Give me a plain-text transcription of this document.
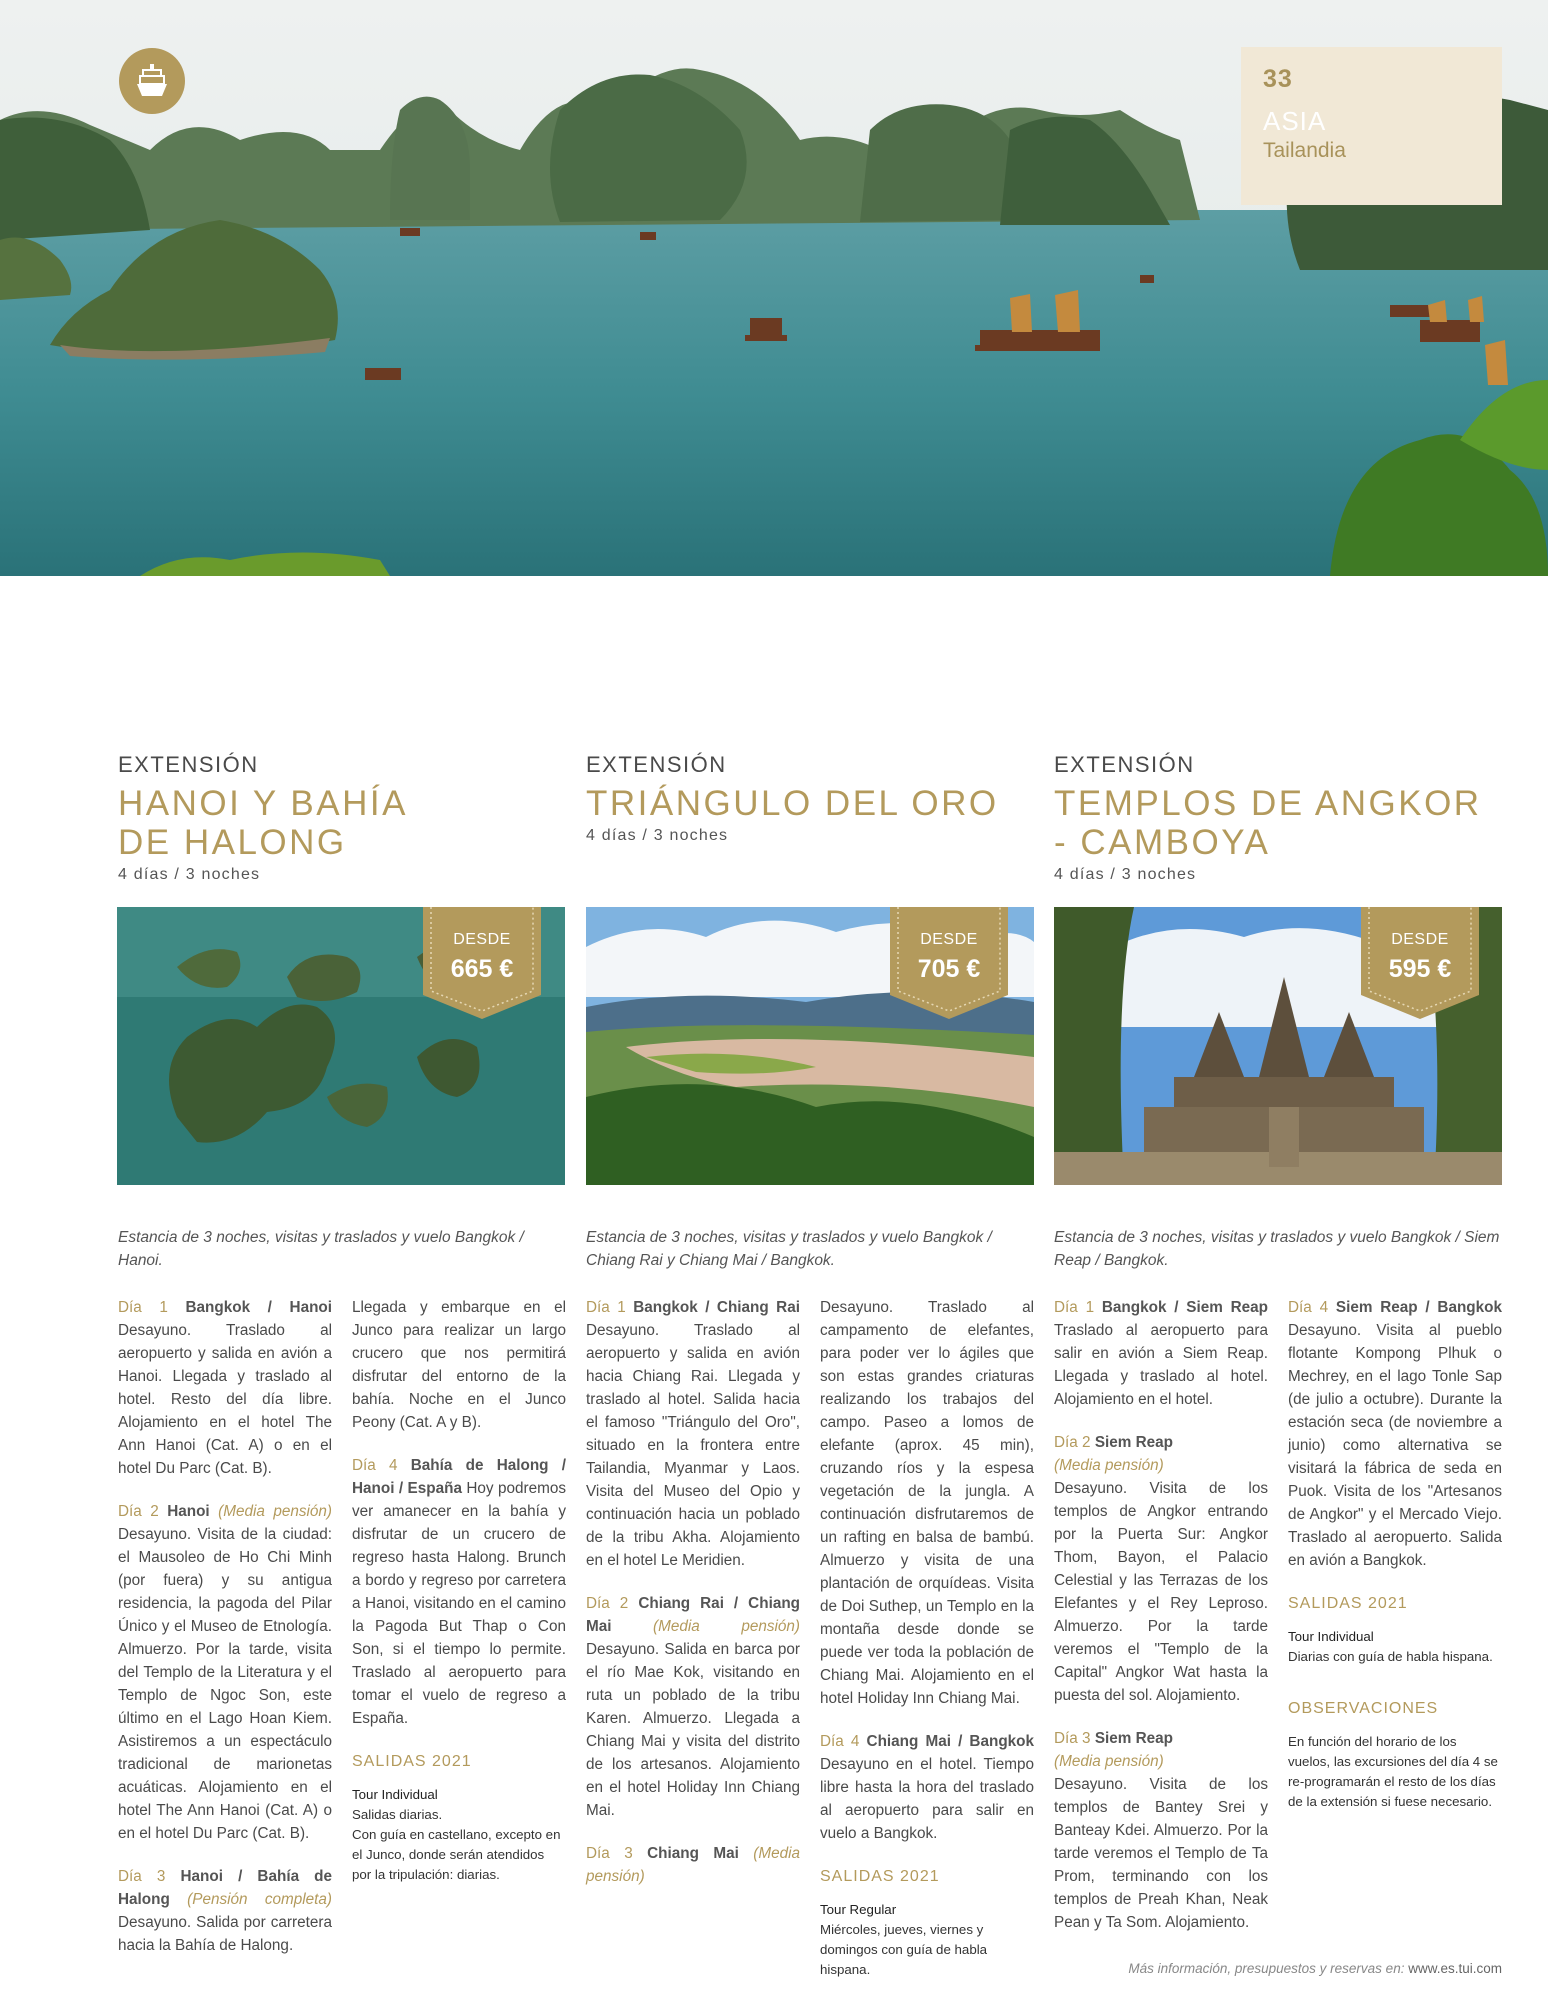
33
ASIA
Tailandia
EXTENSIÓN
HANOI Y BAHÍA
DE HALONG
4 días / 3 noches
DESDE
665 €
Estancia de 3 noches, visitas y traslados y vuelo Bangkok / Hanoi.
Día 1 Bangkok / Hanoi Desayuno. Traslado al aeropuerto y salida en avión a Hanoi. Llegada y traslado al hotel. Resto del día libre. Alojamiento en el hotel The Ann Hanoi (Cat. A) o en el hotel Du Parc (Cat. B).
Día 2 Hanoi (Media pensión) Desayuno. Visita de la ciudad: el Mausoleo de Ho Chi Minh (por fuera) y su antigua residencia, la pagoda del Pilar Único y el Museo de Etnología. Almuerzo. Por la tarde, visita del Templo de la Literatura y el Templo de Ngoc Son, este último en el Lago Hoan Kiem. Asistiremos a un espectáculo tradicional de marionetas acuáticas. Alojamiento en el hotel The Ann Hanoi (Cat. A) o en el hotel Du Parc (Cat. B).
Día 3 Hanoi / Bahía de Halong (Pensión completa) Desayuno. Salida por carretera hacia la Bahía de Halong.
Llegada y embarque en el Junco para realizar un largo crucero que nos permitirá disfrutar del entorno de la bahía. Noche en el Junco Peony (Cat. A y B).
Día 4 Bahía de Halong / Hanoi / España Hoy podremos ver amanecer en la bahía y disfrutar de un crucero de regreso hasta Halong. Brunch a bordo y regreso por carretera a Hanoi, visitando en el camino la Pagoda But Thap o Con Son, si el tiempo lo permite. Traslado al aeropuerto para tomar el vuelo de regreso a España.
SALIDAS 2021
Tour Individual
Salidas diarias.
Con guía en castellano, excepto en el Junco, donde serán atendidos por la tripulación: diarias.
EXTENSIÓN
TRIÁNGULO DEL ORO
4 días / 3 noches
DESDE
705 €
Estancia de 3 noches, visitas y traslados y vuelo Bangkok / Chiang Rai y Chiang Mai / Bangkok.
Día 1 Bangkok / Chiang Rai Desayuno. Traslado al aeropuerto y salida en avión hacia Chiang Rai. Llegada y traslado al hotel. Salida hacia el famoso "Triángulo del Oro", situado en la frontera entre Tailandia, Myanmar y Laos. Visita del Museo del Opio y continuación hacia un poblado de la tribu Akha. Alojamiento en el hotel Le Meridien.
Día 2 Chiang Rai / Chiang Mai	(Media pensión) Desayuno. Salida en barca por el río Mae Kok, visitando en ruta un poblado de la tribu Karen. Almuerzo. Llegada a Chiang Mai y visita del distrito de los artesanos. Alojamiento en el hotel Holiday Inn Chiang Mai.
Día 3 Chiang Mai (Media pensión)
Desayuno. Traslado al campamento de elefantes, para poder ver lo ágiles que son estas grandes criaturas realizando los trabajos del campo. Paseo a lomos de elefante (aprox. 45 min), cruzando ríos y la espesa vegetación de la jungla. A continuación disfrutaremos de un rafting en balsa de bambú. Almuerzo y visita de una plantación de orquídeas. Visita de Doi Suthep, un Templo en la montaña desde donde se puede ver toda la población de Chiang Mai. Alojamiento en el hotel Holiday Inn Chiang Mai.
Día 4 Chiang Mai / Bangkok Desayuno en el hotel. Tiempo libre hasta la hora del traslado al aeropuerto para salir en vuelo a Bangkok.
SALIDAS 2021
Tour Regular
Miércoles, jueves, viernes y domingos con guía de habla hispana.
EXTENSIÓN
TEMPLOS DE ANGKOR
- CAMBOYA
4 días / 3 noches
DESDE
595 €
Estancia de 3 noches, visitas y traslados y vuelo Bangkok / Siem Reap / Bangkok.
Día 1 Bangkok / Siem Reap Traslado al aeropuerto para salir en avión a Siem Reap. Llegada y traslado al hotel. Alojamiento en el hotel.
Día 2 Siem Reap
(Media pensión)
Desayuno. Visita de los templos de Angkor entrando por la Puerta Sur: Angkor Thom, Bayon, el Palacio Celestial y las Terrazas de los Elefantes y el Rey Leproso. Almuerzo. Por la tarde veremos el "Templo de la Capital" Angkor Wat hasta la puesta del sol. Alojamiento.
Día 3 Siem Reap
(Media pensión)
Desayuno. Visita de los templos de Bantey Srei y Banteay Kdei. Almuerzo. Por la tarde veremos el Templo de Ta Prom, terminando con los templos de Preah Khan, Neak Pean y Ta Som. Alojamiento.
Día 4 Siem Reap / Bangkok Desayuno. Visita al pueblo flotante Kompong Plhuk o Mechrey, en el lago Tonle Sap (de julio a octubre). Durante la estación seca (de noviembre a junio) como alternativa se visitará la fábrica de seda en Puok. Visita de los "Artesanos de Angkor" y el Mercado Viejo. Traslado al aeropuerto. Salida en avión a Bangkok.
SALIDAS 2021
Tour Individual
Diarias con guía de habla hispana.
OBSERVACIONES
En función del horario de los vuelos, las excursiones del día 4 se re-programarán el resto de los días de la extensión si fuese necesario.
Más información, presupuestos y reservas en: www.es.tui.com
